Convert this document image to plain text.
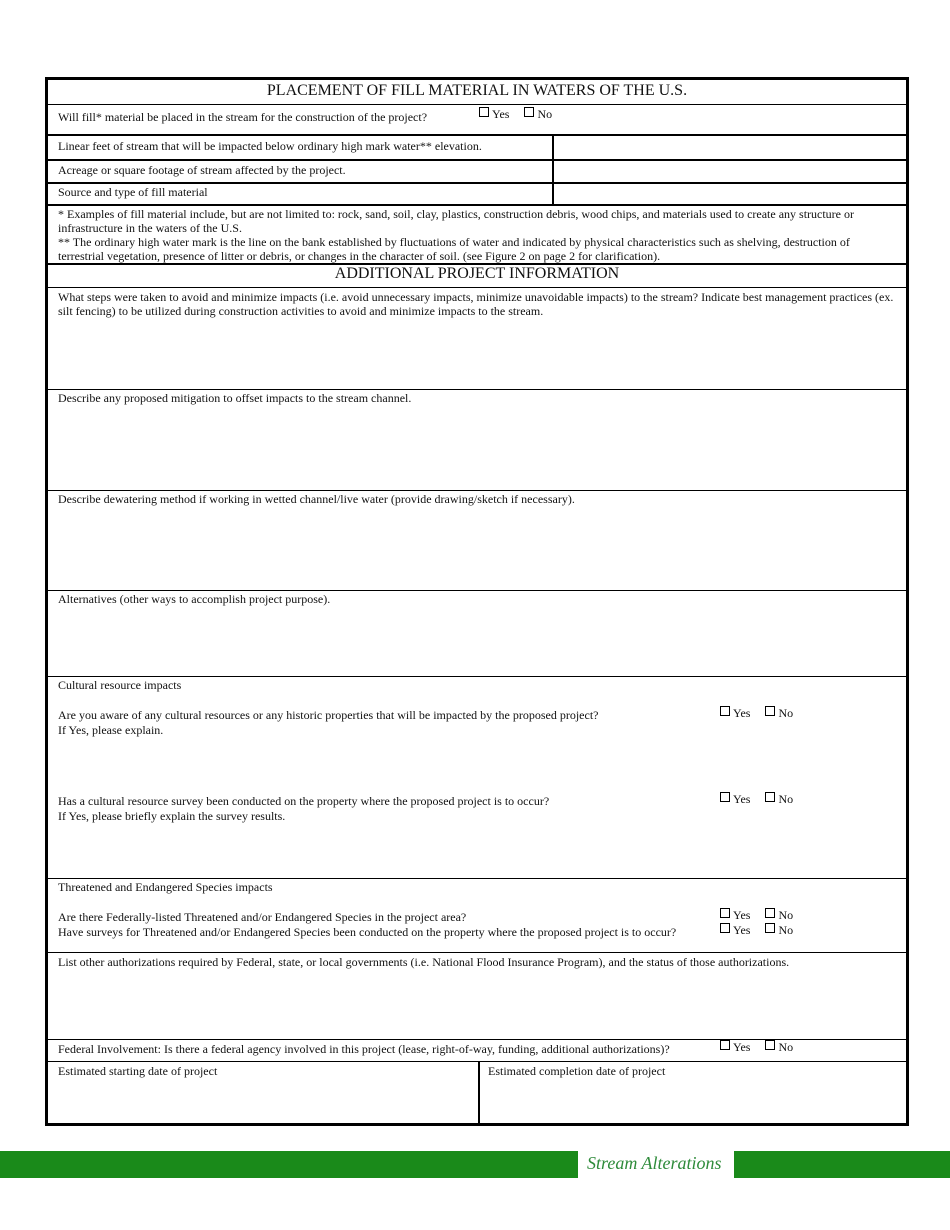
PLACEMENT OF FILL MATERIAL IN WATERS OF THE U.S.
Will fill* material be placed in the stream for the construction of the project?	Yes No
Linear feet of stream that will be impacted below ordinary high mark water** elevation.
Acreage or square footage of stream affected by the project.
Source and type of fill material
* Examples of fill material include, but are not limited to: rock, sand, soil, clay, plastics, construction debris, wood chips, and materials used to create any structure or infrastructure in the waters of the U.S.
** The ordinary high water mark is the line on the bank established by fluctuations of water and indicated by physical characteristics such as shelving, destruction of terrestrial vegetation, presence of litter or debris, or changes in the character of soil. (see Figure 2 on page 2 for clarification).
ADDITIONAL PROJECT INFORMATION
What steps were taken to avoid and minimize impacts (i.e. avoid unnecessary impacts, minimize unavoidable impacts) to the stream? Indicate best management practices (ex. silt fencing) to be utilized during construction activities to avoid and minimize impacts to the stream.
Describe any proposed mitigation to offset impacts to the stream channel.
Describe dewatering method if working in wetted channel/live water (provide drawing/sketch if necessary).
Alternatives (other ways to accomplish project purpose).
Cultural resource impacts
Are you aware of any cultural resources or any historic properties that will be impacted by the proposed project?
If Yes, please explain.
Yes No
Has a cultural resource survey been conducted on the property where the proposed project is to occur?
If Yes, please briefly explain the survey results.
Yes No
Threatened and Endangered Species impacts
Are there Federally-listed Threatened and/or Endangered Species in the project area?
Have surveys for Threatened and/or Endangered Species been conducted on the property where the proposed project is to occur?
Yes No
Yes No
List other authorizations required by Federal, state, or local governments (i.e. National Flood Insurance Program), and the status of those authorizations.
Federal Involvement: Is there a federal agency involved in this project (lease, right-of-way, funding, additional authorizations)?	Yes No
Estimated starting date of project	Estimated completion date of project
Stream Alterations
